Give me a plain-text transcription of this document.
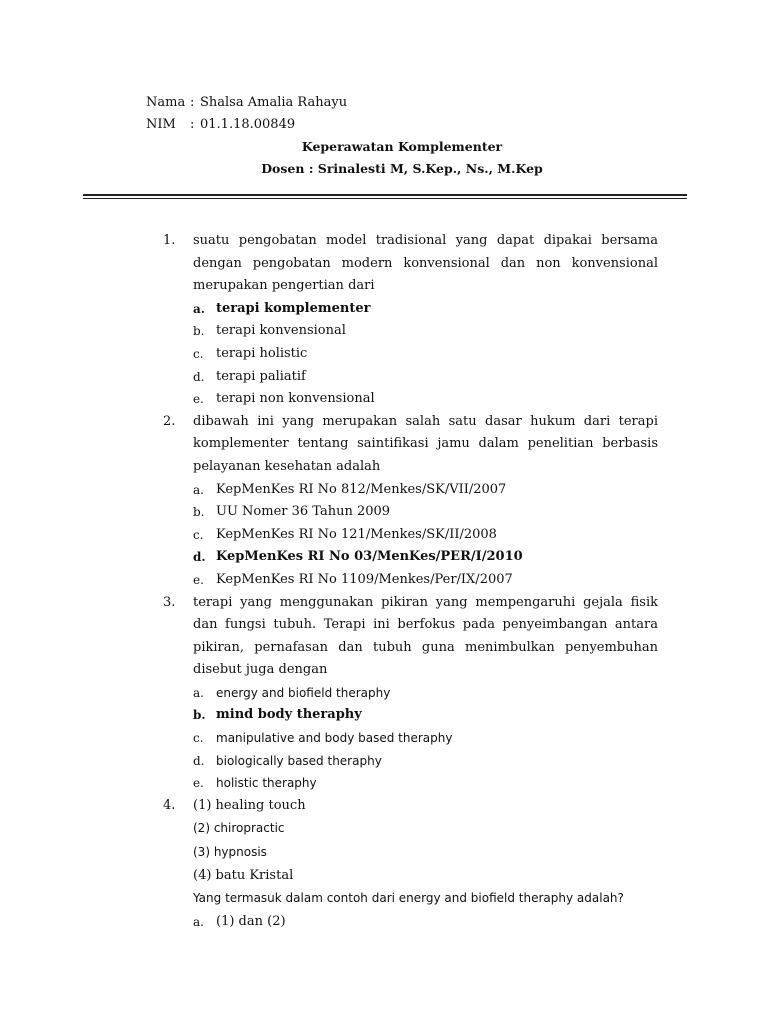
Nama : Shalsa Amalia Rahayu
NIM	: 01.1.18.00849
Keperawatan Komplementer
Dosen : Srinalesti M, S.Kep., Ns., M.Kep
1.	suatu pengobatan model tradisional yang dapat dipakai bersama dengan pengobatan modern konvensional dan non konvensional merupakan pengertian dari
a. terapi komplementer
b. terapi konvensional
c. terapi holistic
d. terapi paliatif
e. terapi non konvensional
2.	dibawah ini yang merupakan salah satu dasar hukum dari terapi komplementer tentang saintifikasi jamu dalam penelitian berbasis pelayanan kesehatan adalah
a. KepMenKes RI No 812/Menkes/SK/VII/2007
b. UU Nomer 36 Tahun 2009
c. KepMenKes RI No 121/Menkes/SK/II/2008
d. KepMenKes RI No 03/MenKes/PER/I/2010
e. KepMenKes RI No 1109/Menkes/Per/IX/2007
3.	terapi yang menggunakan pikiran yang mempengaruhi gejala fisik dan fungsi tubuh. Terapi ini berfokus pada penyeimbangan antara pikiran, pernafasan dan tubuh guna menimbulkan penyembuhan disebut juga dengan
a.	energy and biofield theraphy
b. mind body theraphy
c.	manipulative and body based theraphy
d. biologically based theraphy
e.	holistic theraphy
4.	(1) healing touch
(2) chiropractic
(3) hypnosis
(4) batu Kristal
Yang termasuk dalam contoh dari energy and biofield theraphy adalah?
a. (1) dan (2)
